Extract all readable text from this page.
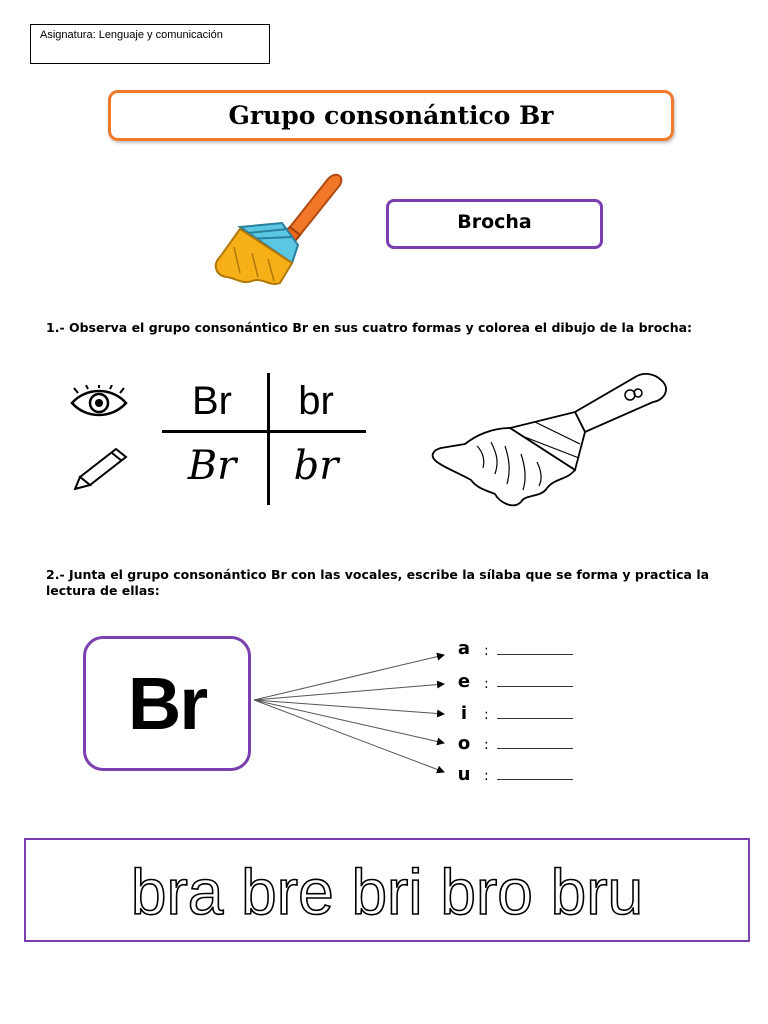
Asignatura: Lenguaje y comunicación
Grupo consonántico Br
Brocha
1.- Observa el grupo consonántico Br en sus cuatro formas y colorea el dibujo de la brocha:
Br	br
Br	br
2.- Junta el grupo consonántico Br con las vocales, escribe la sílaba que se forma y practica la lectura de ellas:
Br
a :
e :
i	:
o :
u :
bra bre bri bro bru
